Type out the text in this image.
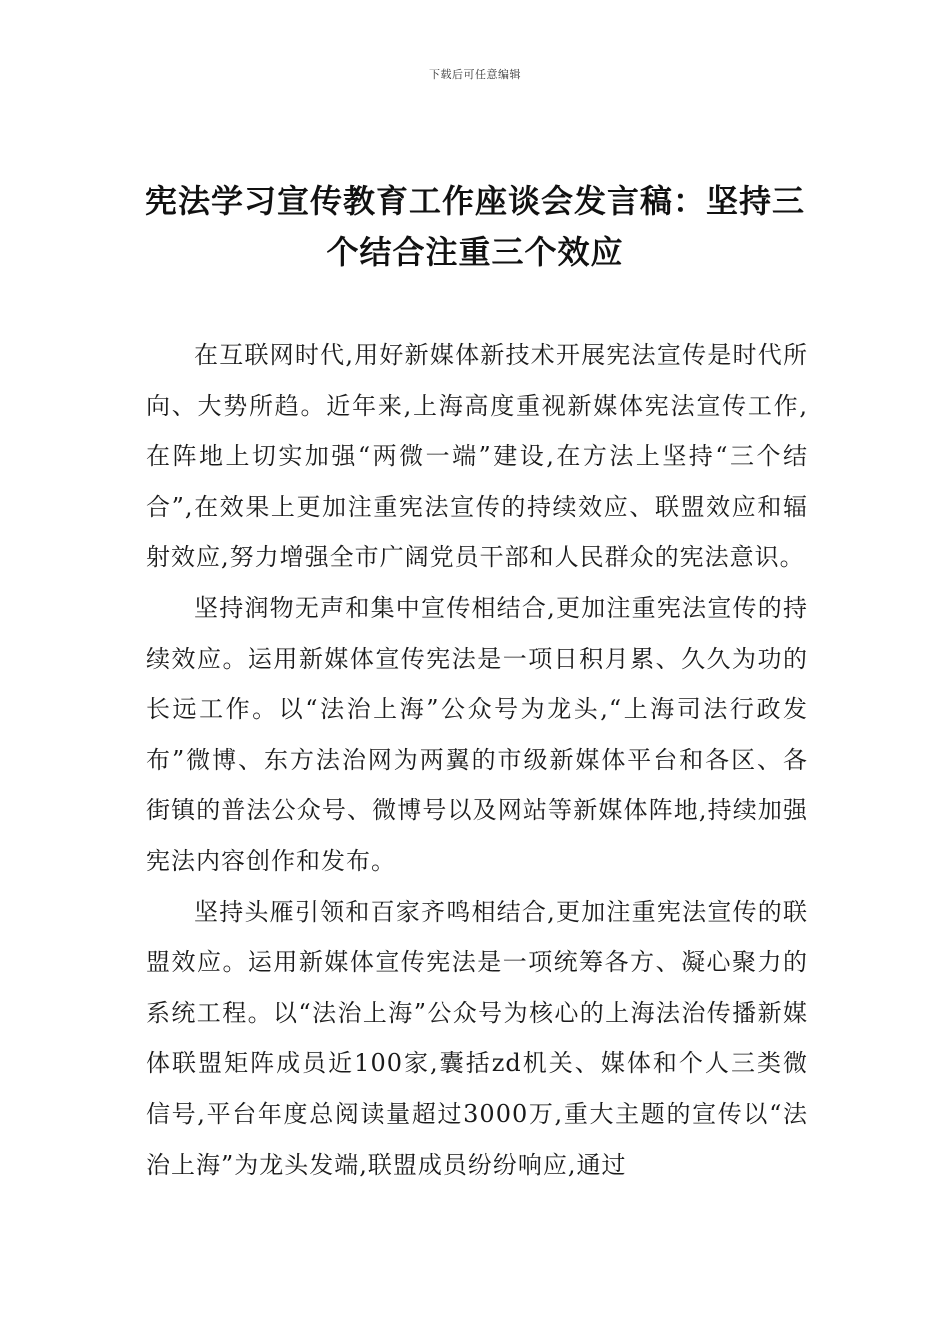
下载后可任意编辑
宪法学习宣传教育工作座谈会发言稿：坚持三个结合注重三个效应

在互联网时代,用好新媒体新技术开展宪法宣传是时代所向、大势所趋。近年来,上海高度重视新媒体宪法宣传工作,在阵地上切实加强“两微一端”建设,在方法上坚持“三个结合”,在效果上更加注重宪法宣传的持续效应、联盟效应和辐射效应,努力增强全市广阔党员干部和人民群众的宪法意识。

坚持润物无声和集中宣传相结合,更加注重宪法宣传的持续效应。运用新媒体宣传宪法是一项日积月累、久久为功的长远工作。以“法治上海”公众号为龙头,“上海司法行政发布”微博、东方法治网为两翼的市级新媒体平台和各区、各街镇的普法公众号、微博号以及网站等新媒体阵地,持续加强宪法内容创作和发布。

坚持头雁引领和百家齐鸣相结合,更加注重宪法宣传的联盟效应。运用新媒体宣传宪法是一项统筹各方、凝心聚力的系统工程。以“法治上海”公众号为核心的上海法治传播新媒体联盟矩阵成员近100家,囊括zd机关、媒体和个人三类微信号,平台年度总阅读量超过3000万,重大主题的宣传以“法治上海”为龙头发端,联盟成员纷纷响应,通过
